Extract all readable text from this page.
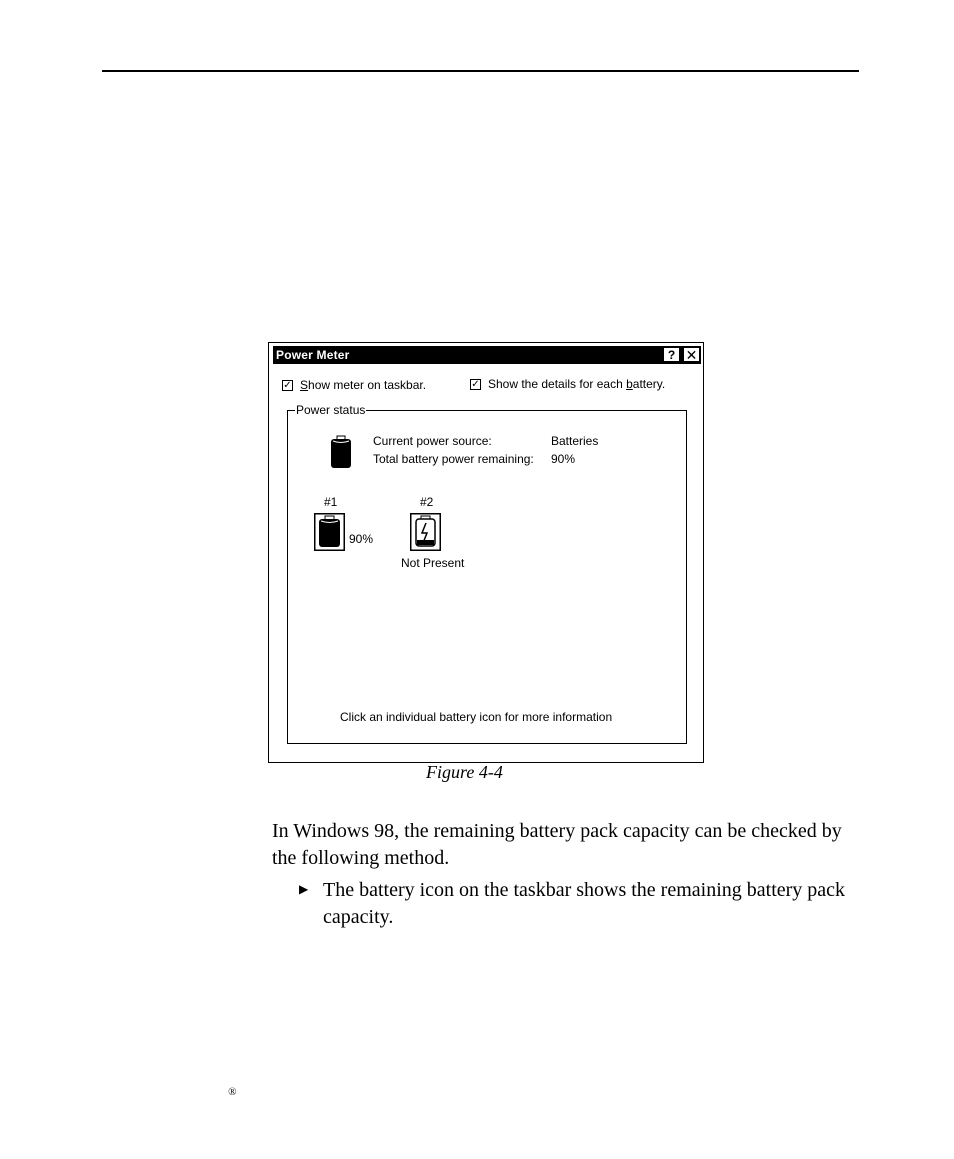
Power Meter	? ✕
✓ Show meter on taskbar.	✓ Show the details for each battery.
Power status
Current power source:	Batteries
Total battery power remaining: 90%
#1	#2
90%
Not Present
Click an individual battery icon for more information
Figure 4-4

In Windows 98, the remaining battery pack capacity can be checked by the following method.

▶ The battery icon on the taskbar shows the remaining battery pack capacity.
®
